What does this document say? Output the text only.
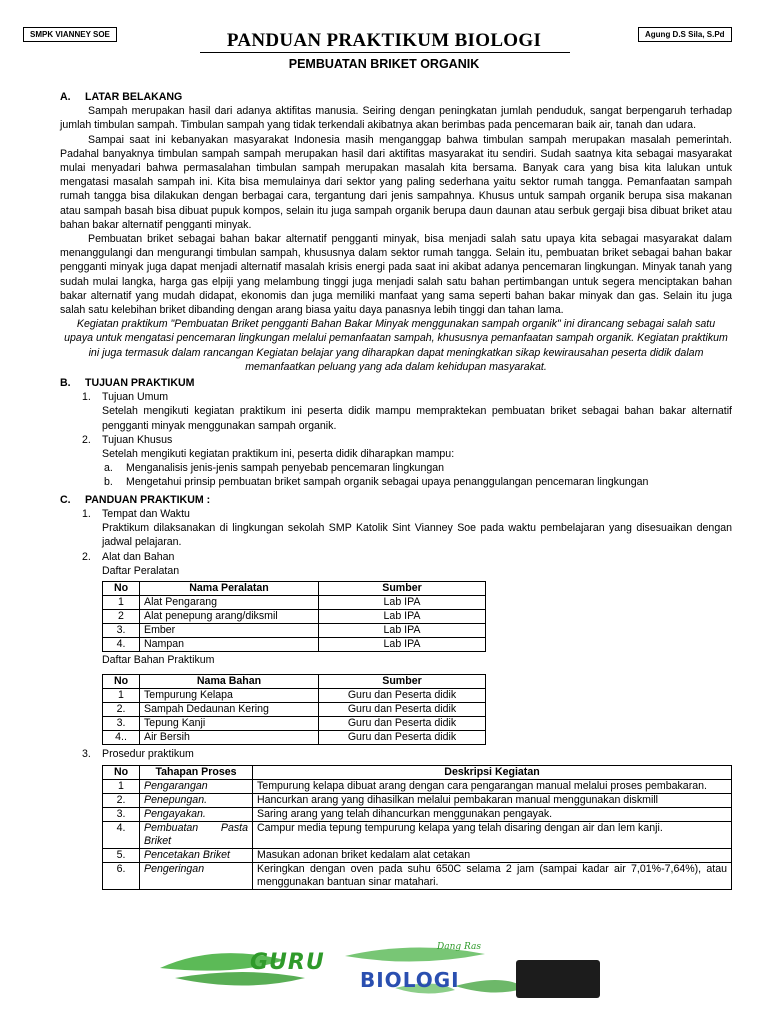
SMPK VIANNEY SOE	PANDUAN PRAKTIKUM BIOLOGI	Agung D.S Sila, S.Pd
PEMBUATAN BRIKET ORGANIK
A. LATAR BELAKANG

Sampah merupakan hasil dari adanya aktifitas manusia. Seiring dengan peningkatan jumlah penduduk, sangat berpengaruh terhadap jumlah timbulan sampah. Timbulan sampah yang tidak terkendali akibatnya akan berimbas pada pencemaran baik air, tanah dan udara.

Sampai saat ini kebanyakan masyarakat Indonesia masih menganggap bahwa timbulan sampah merupakan masalah pemerintah. Padahal banyaknya timbulan sampah sampah merupakan hasil dari aktifitas masyarakat itu sendiri. Sudah saatnya kita sebagai masyarakat mulai menyadari bahwa permasalahan timbulan sampah merupakan masalah kita bersama. Banyak cara yang bisa kita lalukan untuk mengatasi masalah sampah ini. Kita bisa memulainya dari sektor yang paling sederhana yaitu sektor rumah tangga. Pemanfaatan sampah rumah tangga bisa dilakukan dengan berbagai cara, tergantung dari jenis sampahnya. Khusus untuk sampah organik berupa sisa makanan atau sampah basah bisa dibuat pupuk kompos, selain itu juga sampah organik berupa daun daunan atau serbuk gergaji bisa dibuat briket atau bahan bakar alternatif pengganti minyak.

Pembuatan briket sebagai bahan bakar alternatif pengganti minyak, bisa menjadi salah satu upaya kita sebagai masyarakat dalam menanggulangi dan mengurangi timbulan sampah, khususnya dalam sektor rumah tangga. Selain itu, pembuatan briket sebagai bahan bakar pengganti minyak juga dapat menjadi alternatif masalah krisis energi pada saat ini akibat adanya pencemaran lingkungan. Minyak tanah yang sudah mulai langka, harga gas elpiji yang melambung tinggi juga menjadi salah satu bahan pertimbangan untuk segera menciptakan bahan bakar alternatif yang mudah didapat, ekonomis dan juga memiliki manfaat yang sama seperti bahan bakar minyak dan gas. Selain itu juga salah satu kelebihan briket dibanding dengan arang biasa yaitu daya panasnya lebih tinggi dan tahan lama.

Kegiatan praktikum "Pembuatan Briket pengganti Bahan Bakar Minyak menggunakan sampah organik" ini dirancang sebagai salah satu upaya untuk mengatasi pencemaran lingkungan melalui pemanfaatan sampah, khususnya pemanfaatan sampah organik. Kegiatan praktikum ini juga termasuk dalam rancangan Kegiatan belajar yang diharapkan dapat meningkatkan sikap kewirausahan peserta didik dalam memanfaatkan peluang yang ada dalam kehidupan masyarakat.

B. TUJUAN PRAKTIKUM
1. Tujuan Umum
Setelah mengikuti kegiatan praktikum ini peserta didik mampu mempraktekan pembuatan briket sebagai bahan bakar alternatif pengganti minyak menggunakan sampah organik.
2. Tujuan Khusus
Setelah mengikuti kegiatan praktikum ini, peserta didik diharapkan mampu:
a. Menganalisis jenis-jenis sampah penyebab pencemaran lingkungan
b. Mengetahui prinsip pembuatan briket sampah organik sebagai upaya penanggulangan pencemaran lingkungan
C. PANDUAN PRAKTIKUM :
1. Tempat dan Waktu
Praktikum dilaksanakan di lingkungan sekolah SMP Katolik Sint Vianney Soe pada waktu pembelajaran yang disesuaikan dengan jadwal pelajaran.
2. Alat dan Bahan
Daftar Peralatan
No	Nama Peralatan	Sumber
1	Alat Pengarang	Lab IPA
2	Alat penepung arang/diksmil	Lab IPA
3.	Ember	Lab IPA
4.	Nampan	Lab IPA
Daftar Bahan Praktikum
No	Nama Bahan	Sumber
1	Tempurung Kelapa	Guru dan Peserta didik
2.	Sampah Dedaunan Kering	Guru dan Peserta didik
3.	Tepung Kanji	Guru dan Peserta didik
4..	Air Bersih	Guru dan Peserta didik
3. Prosedur praktikum
No	Tahapan Proses	Deskripsi Kegiatan
1	Pengarangan	Tempurung kelapa dibuat arang dengan cara pengarangan manual melalui proses pembakaran.
2.	Penepungan.	Hancurkan arang yang dihasilkan melalui pembakaran manual menggunakan diskmill
3.	Pengayakan.	Saring arang yang telah dihancurkan menggunakan pengayak.
4.	Pembuatan Pasta Briket	Campur media tepung tempurung kelapa yang telah disaring dengan air dan lem kanji.
5.	Pencetakan Briket	Masukan adonan briket kedalam alat cetakan
6.	Pengeringan	Keringkan dengan oven pada suhu 650C selama 2 jam (sampai kadar air 7,01%-7,64%), atau menggunakan bantuan sinar matahari.
GURU
BIOLOGI
Dang Ras
